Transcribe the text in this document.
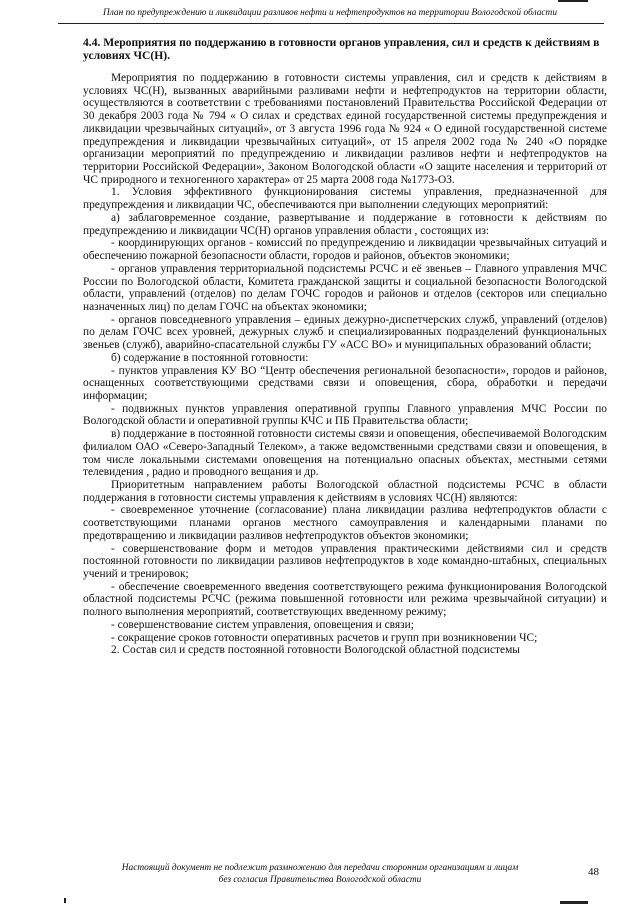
План по предупреждению и ликвидации разливов нефти и нефтепродуктов на территории Вологодской области
4.4. Мероприятия по поддержанию в готовности органов управления, сил и средств к действиям в условиях ЧС(Н).

Мероприятия по поддержанию в готовности системы управления, сил и средств к действиям в условиях ЧС(Н), вызванных аварийными разливами нефти и нефтепродуктов на территории области, осуществляются в соответствии с требованиями постановлений Правительства Российской Федерации от 30 декабря 2003 года № 794 « О силах и средствах единой государственной системы предупреждения и ликвидации чрезвычайных ситуаций», от 3 августа 1996 года № 924 « О единой государственной системе предупреждения и ликвидации чрезвычайных ситуаций», от 15 апреля 2002 года № 240 «О порядке организации мероприятий по предупреждению и ликвидации разливов нефти и нефтепродуктов на территории Российской Федерации», Законом Вологодской области «О защите населения и территорий от ЧС природного и техногенного характера» от 25 марта 2008 года №1773-ОЗ.

1. Условия эффективного функционирования системы управления, предназначенной для предупреждения и ликвидации ЧС, обеспечиваются при выполнении следующих мероприятий:

а) заблаговременное создание, развертывание и поддержание в готовности к действиям по предупреждению и ликвидации ЧС(Н) органов управления области , состоящих из:

- координирующих органов - комиссий по предупреждению и ликвидации чрезвычайных ситуаций и обеспечению пожарной безопасности области, городов и районов, объектов экономики;

- органов управления территориальной подсистемы РСЧС и её звеньев – Главного управления МЧС России по Вологодской области, Комитета гражданской защиты и социальной безопасности Вологодской области, управлений (отделов) по делам ГОЧС городов и районов и отделов (секторов или специально назначенных лиц) по делам ГОЧС на объектах экономики;

- органов повседневного управления – единых дежурно-диспетчерских служб, управлений (отделов) по делам ГОЧС всех уровней, дежурных служб и специализированных подразделений функциональных звеньев (служб), аварийно-спасательной службы ГУ «АСС ВО» и муниципальных образований области;

б) содержание в постоянной готовности:

- пунктов управления КУ ВО “Центр обеспечения региональной безопасности», городов и районов, оснащенных соответствующими средствами связи и оповещения, сбора, обработки и передачи информации;

- подвижных пунктов управления оперативной группы Главного управления МЧС России по Вологодской области и оперативной группы КЧС и ПБ Правительства области;

в) поддержание в постоянной готовности системы связи и оповещения, обеспечиваемой Вологодским филиалом ОАО «Северо-Западный Телеком», а также ведомственными средствами связи и оповещения, в том числе локальными системами оповещения на потенциально опасных объектах, местными сетями телевидения , радио и проводного вещания и др.

Приоритетным направлением работы Вологодской областной подсистемы РСЧС в области поддержания в готовности системы управления к действиям в условиях ЧС(Н) являются:

- своевременное уточнение (согласование) плана ликвидации разлива нефтепродуктов области с соответствующими планами органов местного самоуправления и календарными планами по предотвращению и ликвидации разливов нефтепродуктов объектов экономики;

- совершенствование форм и методов управления практическими действиями сил и средств постоянной готовности по ликвидации разливов нефтепродуктов в ходе командно-штабных, специальных учений и тренировок;

- обеспечение своевременного введения соответствующего режима функционирования Вологодской областной подсистемы РСЧС (режима повышенной готовности или режима чрезвычайной ситуации) и полного выполнения мероприятий, соответствующих введенному режиму;

- совершенствование систем управления, оповещения и связи;

- сокращение сроков готовности оперативных расчетов и групп при возникновении ЧС;

2. Состав сил и средств постоянной готовности Вологодской областной подсистемы

Настоящий документ не подлежит размножению для передачи сторонним организациям и лицам
без согласия Правительства Вологодской области
48
